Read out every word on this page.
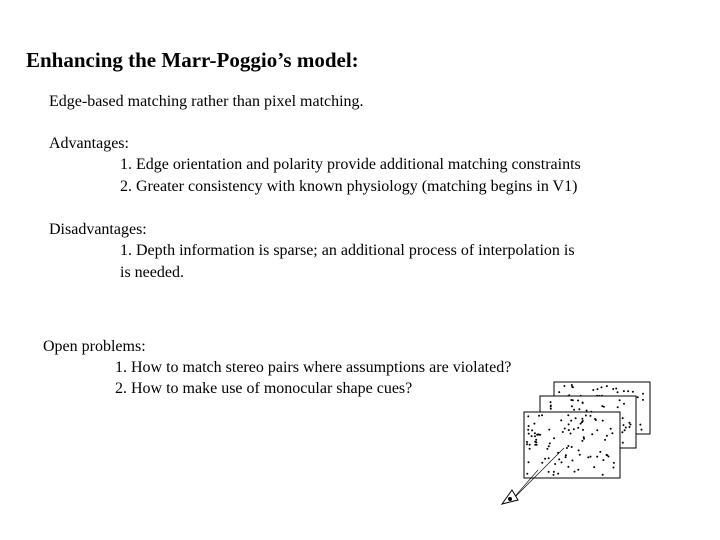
Enhancing the Marr-Poggio’s model:
Edge-based matching rather than pixel matching.
Advantages:
1. Edge orientation and polarity provide additional matching constraints
2. Greater consistency with known physiology (matching begins in V1)
Disadvantages:
1. Depth information is sparse; an additional process of interpolation is
is needed.
Open problems:
1. How to match stereo pairs where assumptions are violated?
2. How to make use of monocular shape cues?
